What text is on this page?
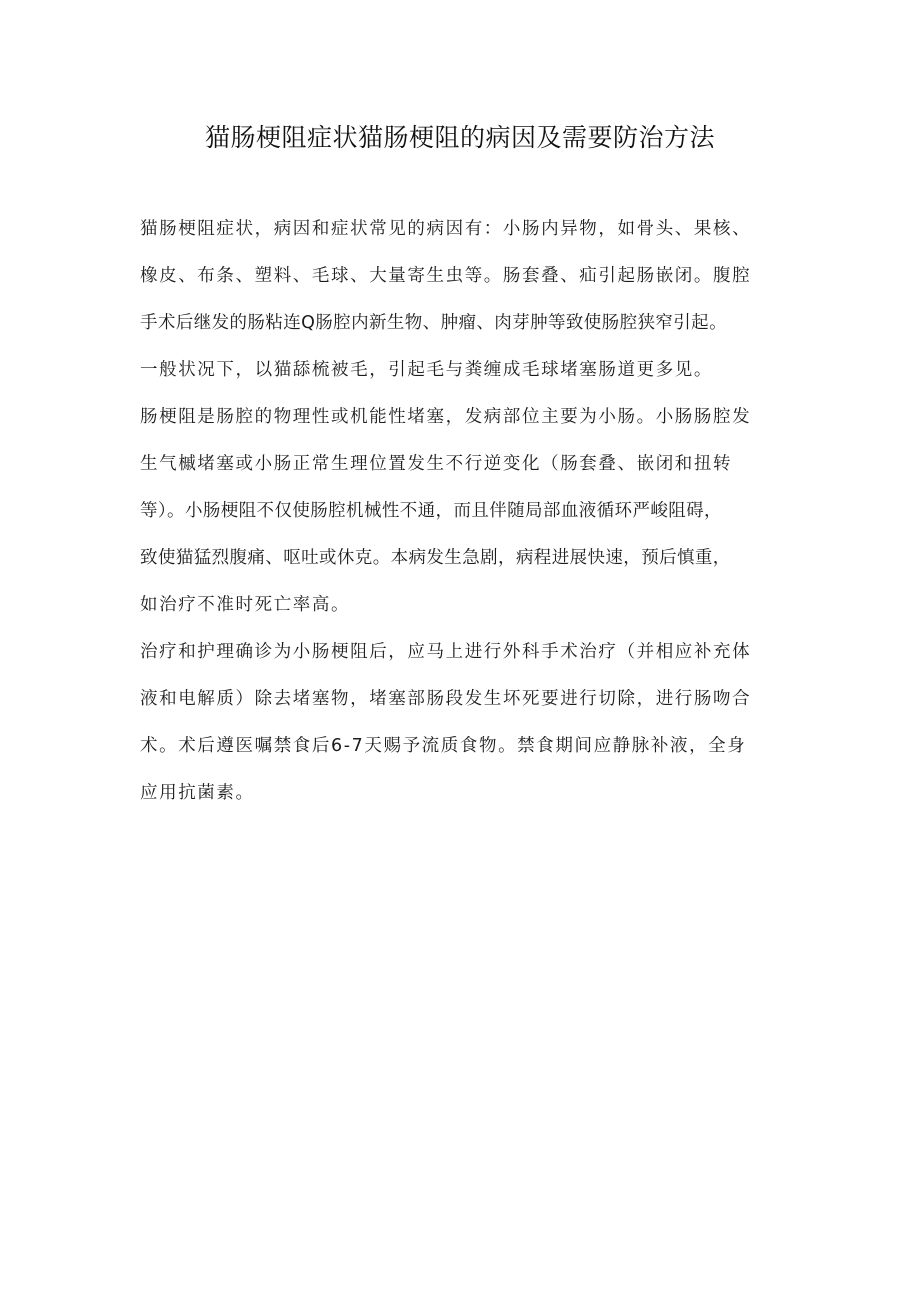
猫肠梗阻症状猫肠梗阻的病因及需要防治方法
猫肠梗阻症状，病因和症状常见的病因有：小肠内异物，如骨头、果核、
橡皮、布条、塑料、毛球、大量寄生虫等。肠套叠、疝引起肠嵌闭。腹腔
手术后继发的肠粘连Q肠腔内新生物、肿瘤、肉芽肿等致使肠腔狭窄引起。
一般状况下，以猫舔梳被毛，引起毛与粪缠成毛球堵塞肠道更多见。
肠梗阻是肠腔的物理性或机能性堵塞，发病部位主要为小肠。小肠肠腔发
生气槭堵塞或小肠正常生理位置发生不行逆变化（肠套叠、嵌闭和扭转
等）。小肠梗阻不仅使肠腔机械性不通，而且伴随局部血液循环严峻阻碍，
致使猫猛烈腹痛、呕吐或休克。本病发生急剧，病程进展快速，预后慎重，
如治疗不准时死亡率高。
治疗和护理确诊为小肠梗阻后，应马上进行外科手术治疗（并相应补充体
液和电解质）除去堵塞物，堵塞部肠段发生坏死要进行切除，进行肠吻合
术。术后遵医嘱禁食后6-7天赐予流质食物。禁食期间应静脉补液，全身
应用抗菌素。
